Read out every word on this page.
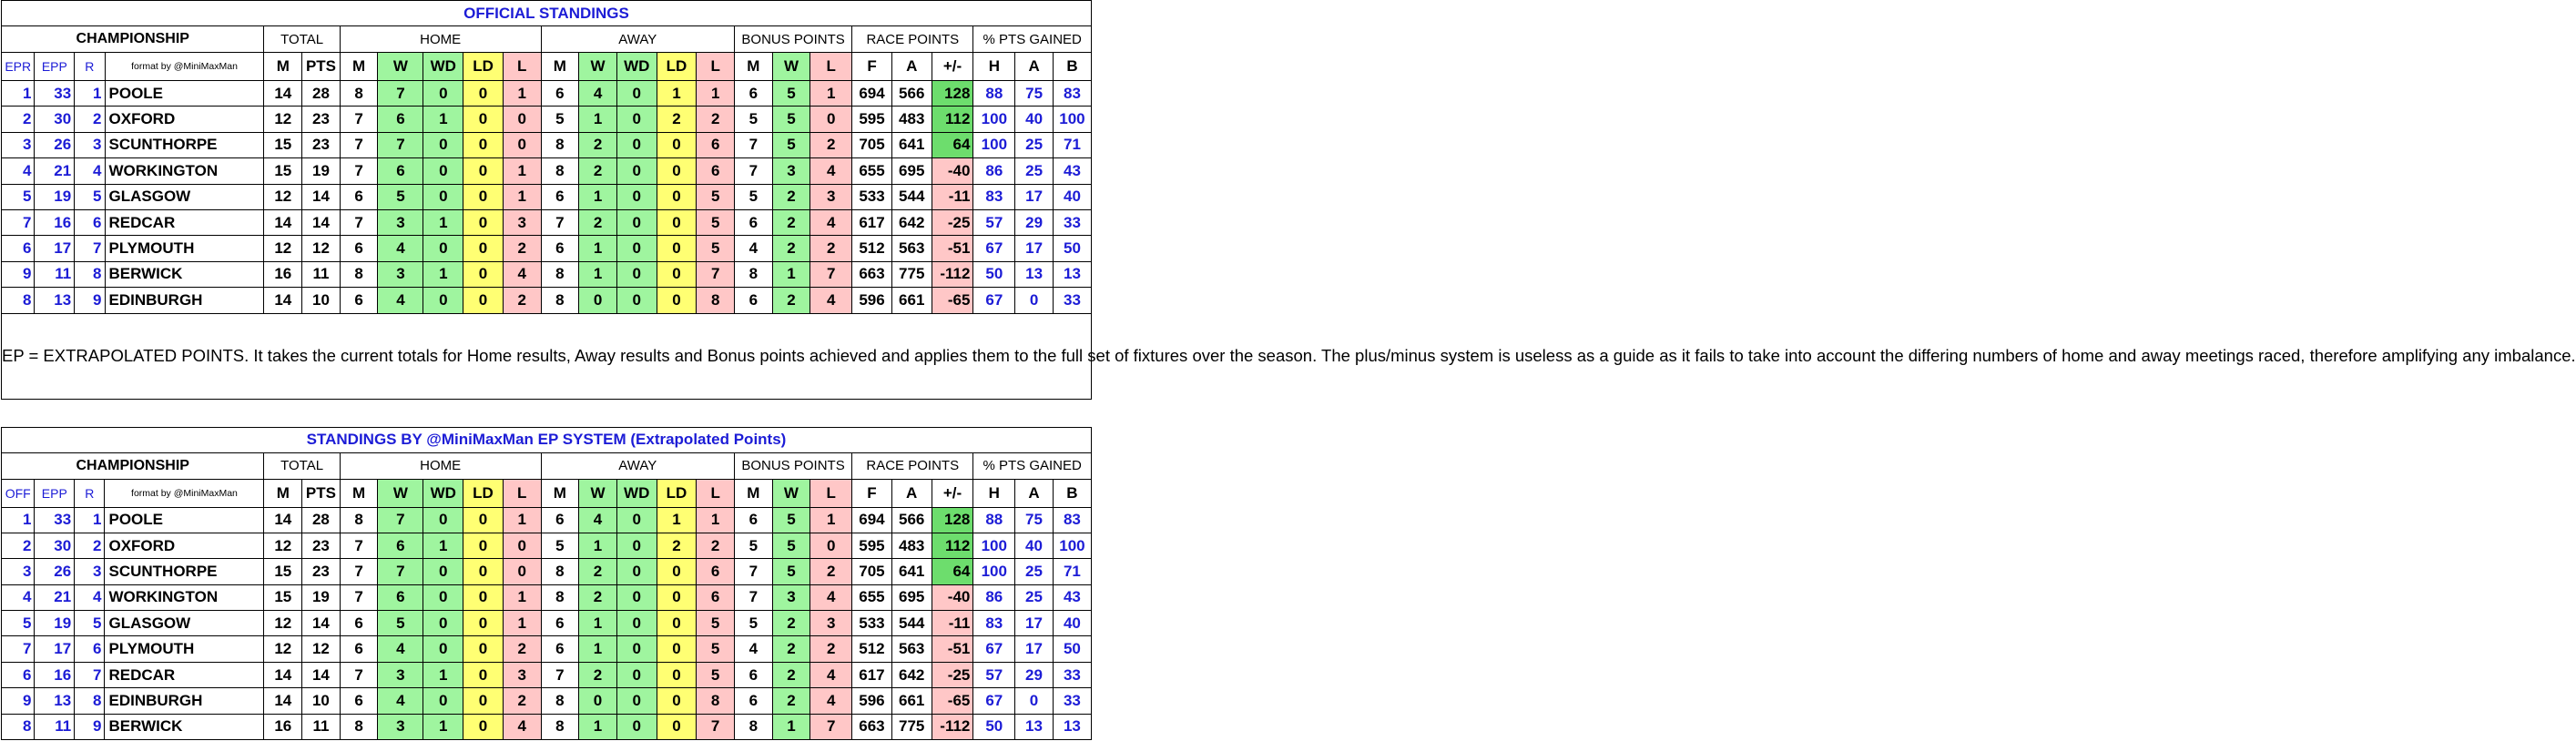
OFFICIAL STANDINGS																								
CHAMPIONSHIP				TOTAL		HOME					AWAY					BONUS POINTS			RACE POINTS			% PTS GAINED		
EPR	EPP	R	format by @MiniMaxMan	M	PTS	M	W	WD	LD	L	M	W	WD	LD	L	M	W	L	F	A	+/-	H	A	B
1	33	1	POOLE	14	28	8	7	0	0	1	6	4	0	1	1	6	5	1	694	566	128	88	75	83
2	30	2	OXFORD	12	23	7	6	1	0	0	5	1	0	2	2	5	5	0	595	483	112	100	40	100
3	26	3	SCUNTHORPE	15	23	7	7	0	0	0	8	2	0	0	6	7	5	2	705	641	64	100	25	71
4	21	4	WORKINGTON	15	19	7	6	0	0	1	8	2	0	0	6	7	3	4	655	695	-40	86	25	43
5	19	5	GLASGOW	12	14	6	5	0	0	1	6	1	0	0	5	5	2	3	533	544	-11	83	17	40
7	16	6	REDCAR	14	14	7	3	1	0	3	7	2	0	0	5	6	2	4	617	642	-25	57	29	33
6	17	7	PLYMOUTH	12	12	6	4	0	0	2	6	1	0	0	5	4	2	2	512	563	-51	67	17	50
9	11	8	BERWICK	16	11	8	3	1	0	4	8	1	0	0	7	8	1	7	663	775	-112	50	13	13
8	13	9	EDINBURGH	14	10	6	4	0	0	2	8	0	0	0	8	6	2	4	596	661	-65	67	0	33
EP = EXTRAPOLATED POINTS. It takes the current totals for Home results, Away results and Bonus points achieved and applies them to the full set of fixtures over the season. The plus/minus system is useless as a guide as it fails to take into account the differing numbers of home and away meetings raced, therefore amplifying any imbalance.																								
STANDINGS BY @MiniMaxMan EP SYSTEM (Extrapolated Points)																								
CHAMPIONSHIP				TOTAL		HOME					AWAY					BONUS POINTS			RACE POINTS			% PTS GAINED		
OFF	EPP	R	format by @MiniMaxMan	M	PTS	M	W	WD	LD	L	M	W	WD	LD	L	M	W	L	F	A	+/-	H	A	B
1	33	1	POOLE	14	28	8	7	0	0	1	6	4	0	1	1	6	5	1	694	566	128	88	75	83
2	30	2	OXFORD	12	23	7	6	1	0	0	5	1	0	2	2	5	5	0	595	483	112	100	40	100
3	26	3	SCUNTHORPE	15	23	7	7	0	0	0	8	2	0	0	6	7	5	2	705	641	64	100	25	71
4	21	4	WORKINGTON	15	19	7	6	0	0	1	8	2	0	0	6	7	3	4	655	695	-40	86	25	43
5	19	5	GLASGOW	12	14	6	5	0	0	1	6	1	0	0	5	5	2	3	533	544	-11	83	17	40
7	17	6	PLYMOUTH	12	12	6	4	0	0	2	6	1	0	0	5	4	2	2	512	563	-51	67	17	50
6	16	7	REDCAR	14	14	7	3	1	0	3	7	2	0	0	5	6	2	4	617	642	-25	57	29	33
9	13	8	EDINBURGH	14	10	6	4	0	0	2	8	0	0	0	8	6	2	4	596	661	-65	67	0	33
8	11	9	BERWICK	16	11	8	3	1	0	4	8	1	0	0	7	8	1	7	663	775	-112	50	13	13
